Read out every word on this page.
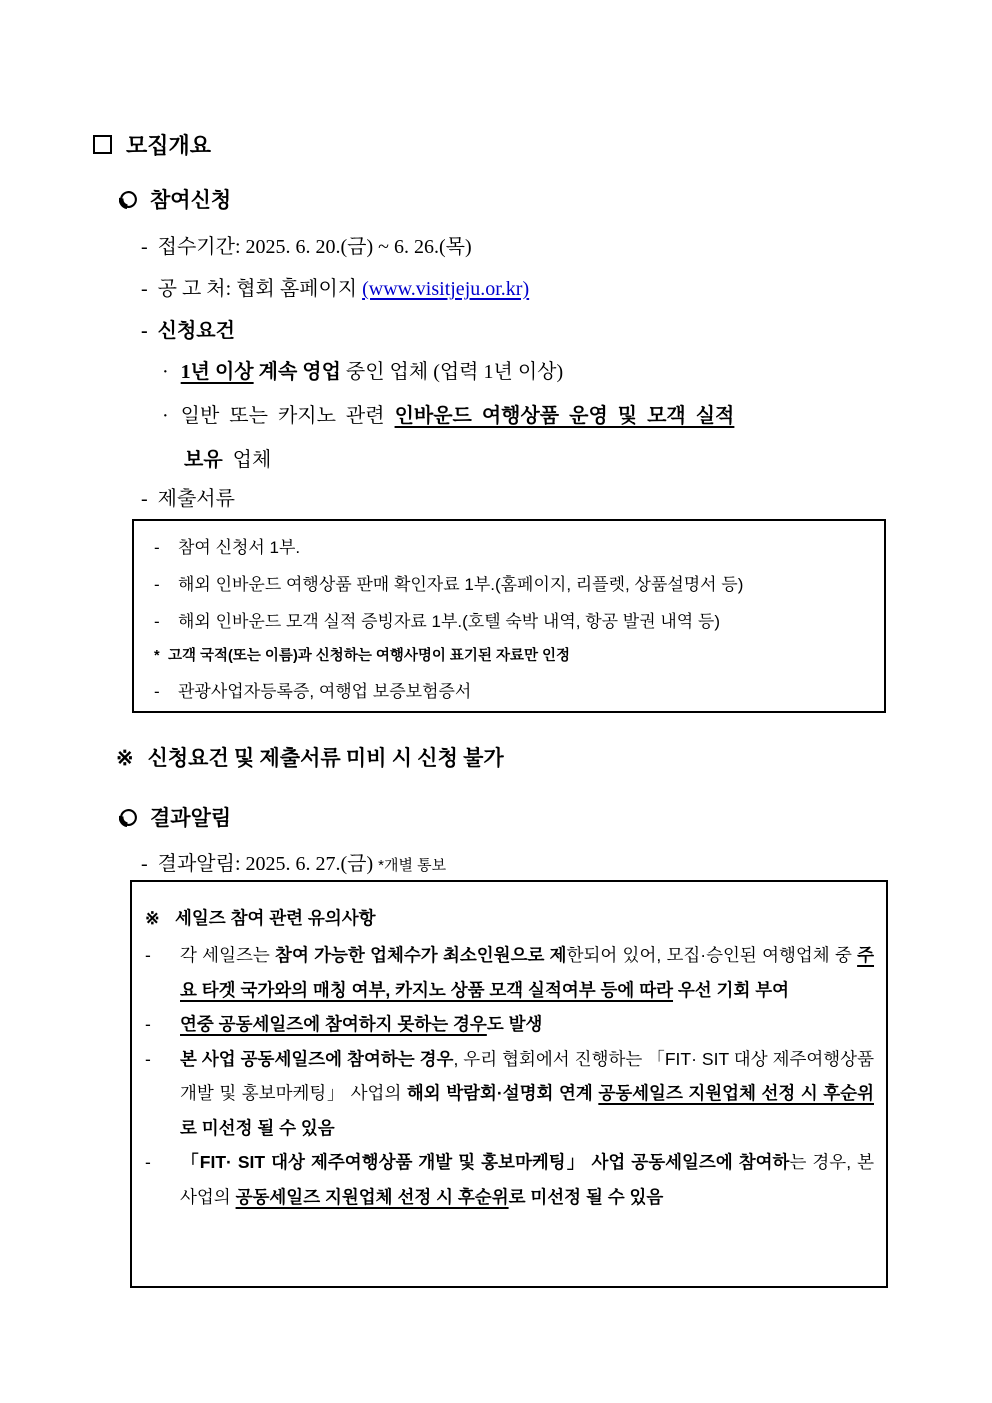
모집개요
참여신청
- 접수기간: 2025. 6. 20.(금) ~ 6. 26.(목)
- 공 고 처: 협회 홈페이지 (www.visitjeju.or.kr)
- 신청요건
· 1년 이상 계속 영업 중인 업체 (업력 1년 이상)
· 일반 또는 카지노 관련 인바운드 여행상품 운영 및 모객 실적
보유 업체
- 제출서류
- 참여 신청서 1부.
- 해외 인바운드 여행상품 판매 확인자료 1부.(홈페이지, 리플렛, 상품설명서 등)
- 해외 인바운드 모객 실적 증빙자료 1부.(호텔 숙박 내역, 항공 발권 내역 등)
* 고객 국적(또는 이름)과 신청하는 여행사명이 표기된 자료만 인정
- 관광사업자등록증, 여행업 보증보험증서
※ 신청요건 및 제출서류 미비 시 신청 불가
결과알림
- 결과알림: 2025. 6. 27.(금) *개별 통보
※ 세일즈 참여 관련 유의사항
- 각 세일즈는 참여 가능한 업체수가 최소인원으로 제한되어 있어, 모집·승인된 여행업체 중 주요 타겟 국가와의 매칭 여부, 카지노 상품 모객 실적여부 등에 따라 우선 기회 부여
- 연중 공동세일즈에 참여하지 못하는 경우도 발생
- 본 사업 공동세일즈에 참여하는 경우, 우리 협회에서 진행하는 「FIT· SIT 대상 제주여행상품 개발 및 홍보마케팅」 사업의 해외 박람회·설명회 연계 공동세일즈 지원업체 선정 시 후순위로 미선정 될 수 있음
- 「FIT· SIT 대상 제주여행상품 개발 및 홍보마케팅」 사업 공동세일즈에 참여하는 경우, 본 사업의 공동세일즈 지원업체 선정 시 후순위로 미선정 될 수 있음
